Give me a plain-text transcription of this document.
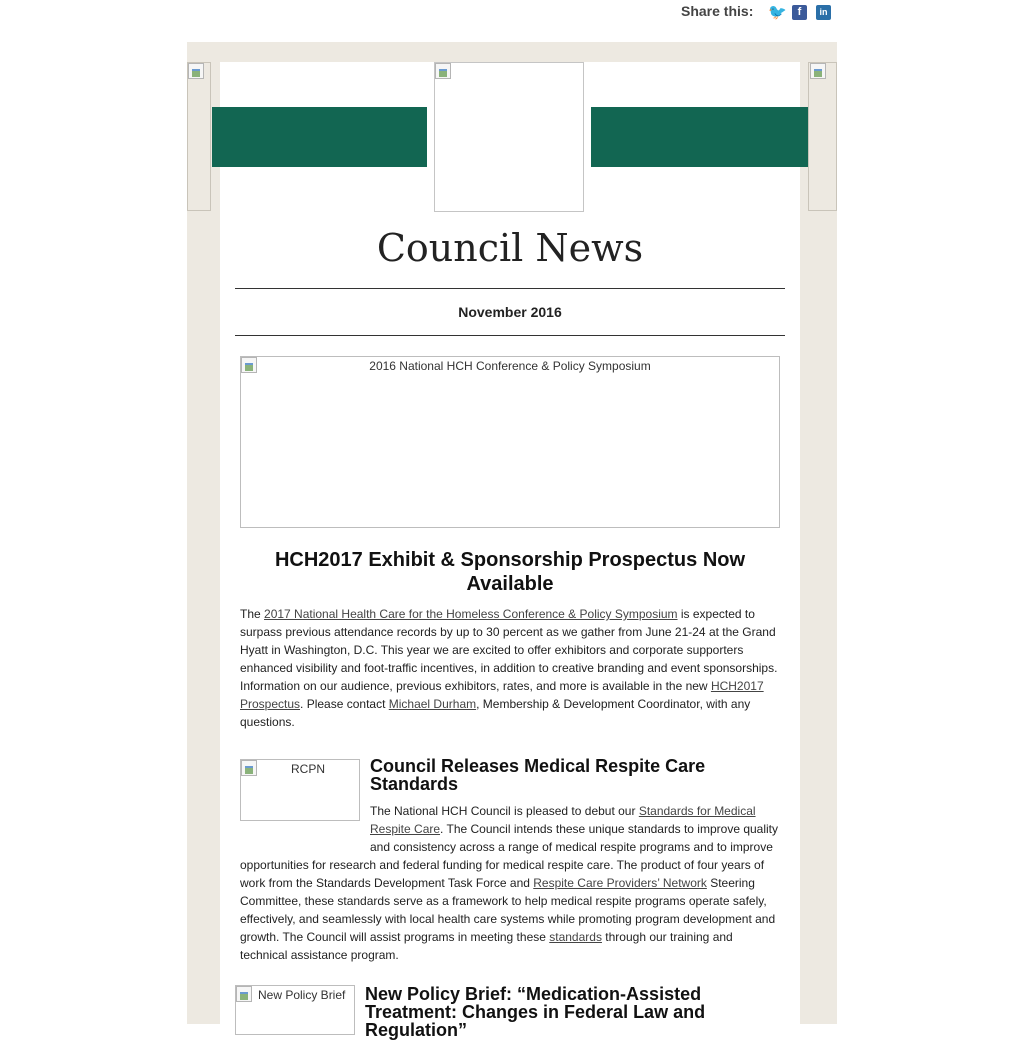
Share this: 🐦 f	in
Council News
November 2016
2016 National HCH Conference & Policy Symposium
HCH2017 Exhibit & Sponsorship Prospectus Now Available
The 2017 National Health Care for the Homeless Conference & Policy Symposium is expected to surpass previous attendance records by up to 30 percent as we gather from June 21-24 at the Grand Hyatt in Washington, D.C. This year we are excited to offer exhibitors and corporate supporters enhanced visibility and foot-traffic incentives, in addition to creative branding and event sponsorships. Information on our audience, previous exhibitors, rates, and more is available in the new HCH2017 Prospectus. Please contact Michael Durham, Membership & Development Coordinator, with any questions.
RCPN Council Releases Medical Respite Care Standards
The National HCH Council is pleased to debut our Standards for Medical Respite Care. The Council intends these unique standards to improve quality and consistency across a range of medical respite programs and to improve opportunities for research and federal funding for medical respite care. The product of four years of work from the Standards Development Task Force and Respite Care Providers’ Network Steering Committee, these standards serve as a framework to help medical respite programs operate safely, effectively, and seamlessly with local health care systems while promoting program development and growth. The Council will assist programs in meeting these standards through our training and technical assistance program.
New Policy Brief New Policy Brief: “Medication-Assisted Treatment: Changes in Federal Law and Regulation”
